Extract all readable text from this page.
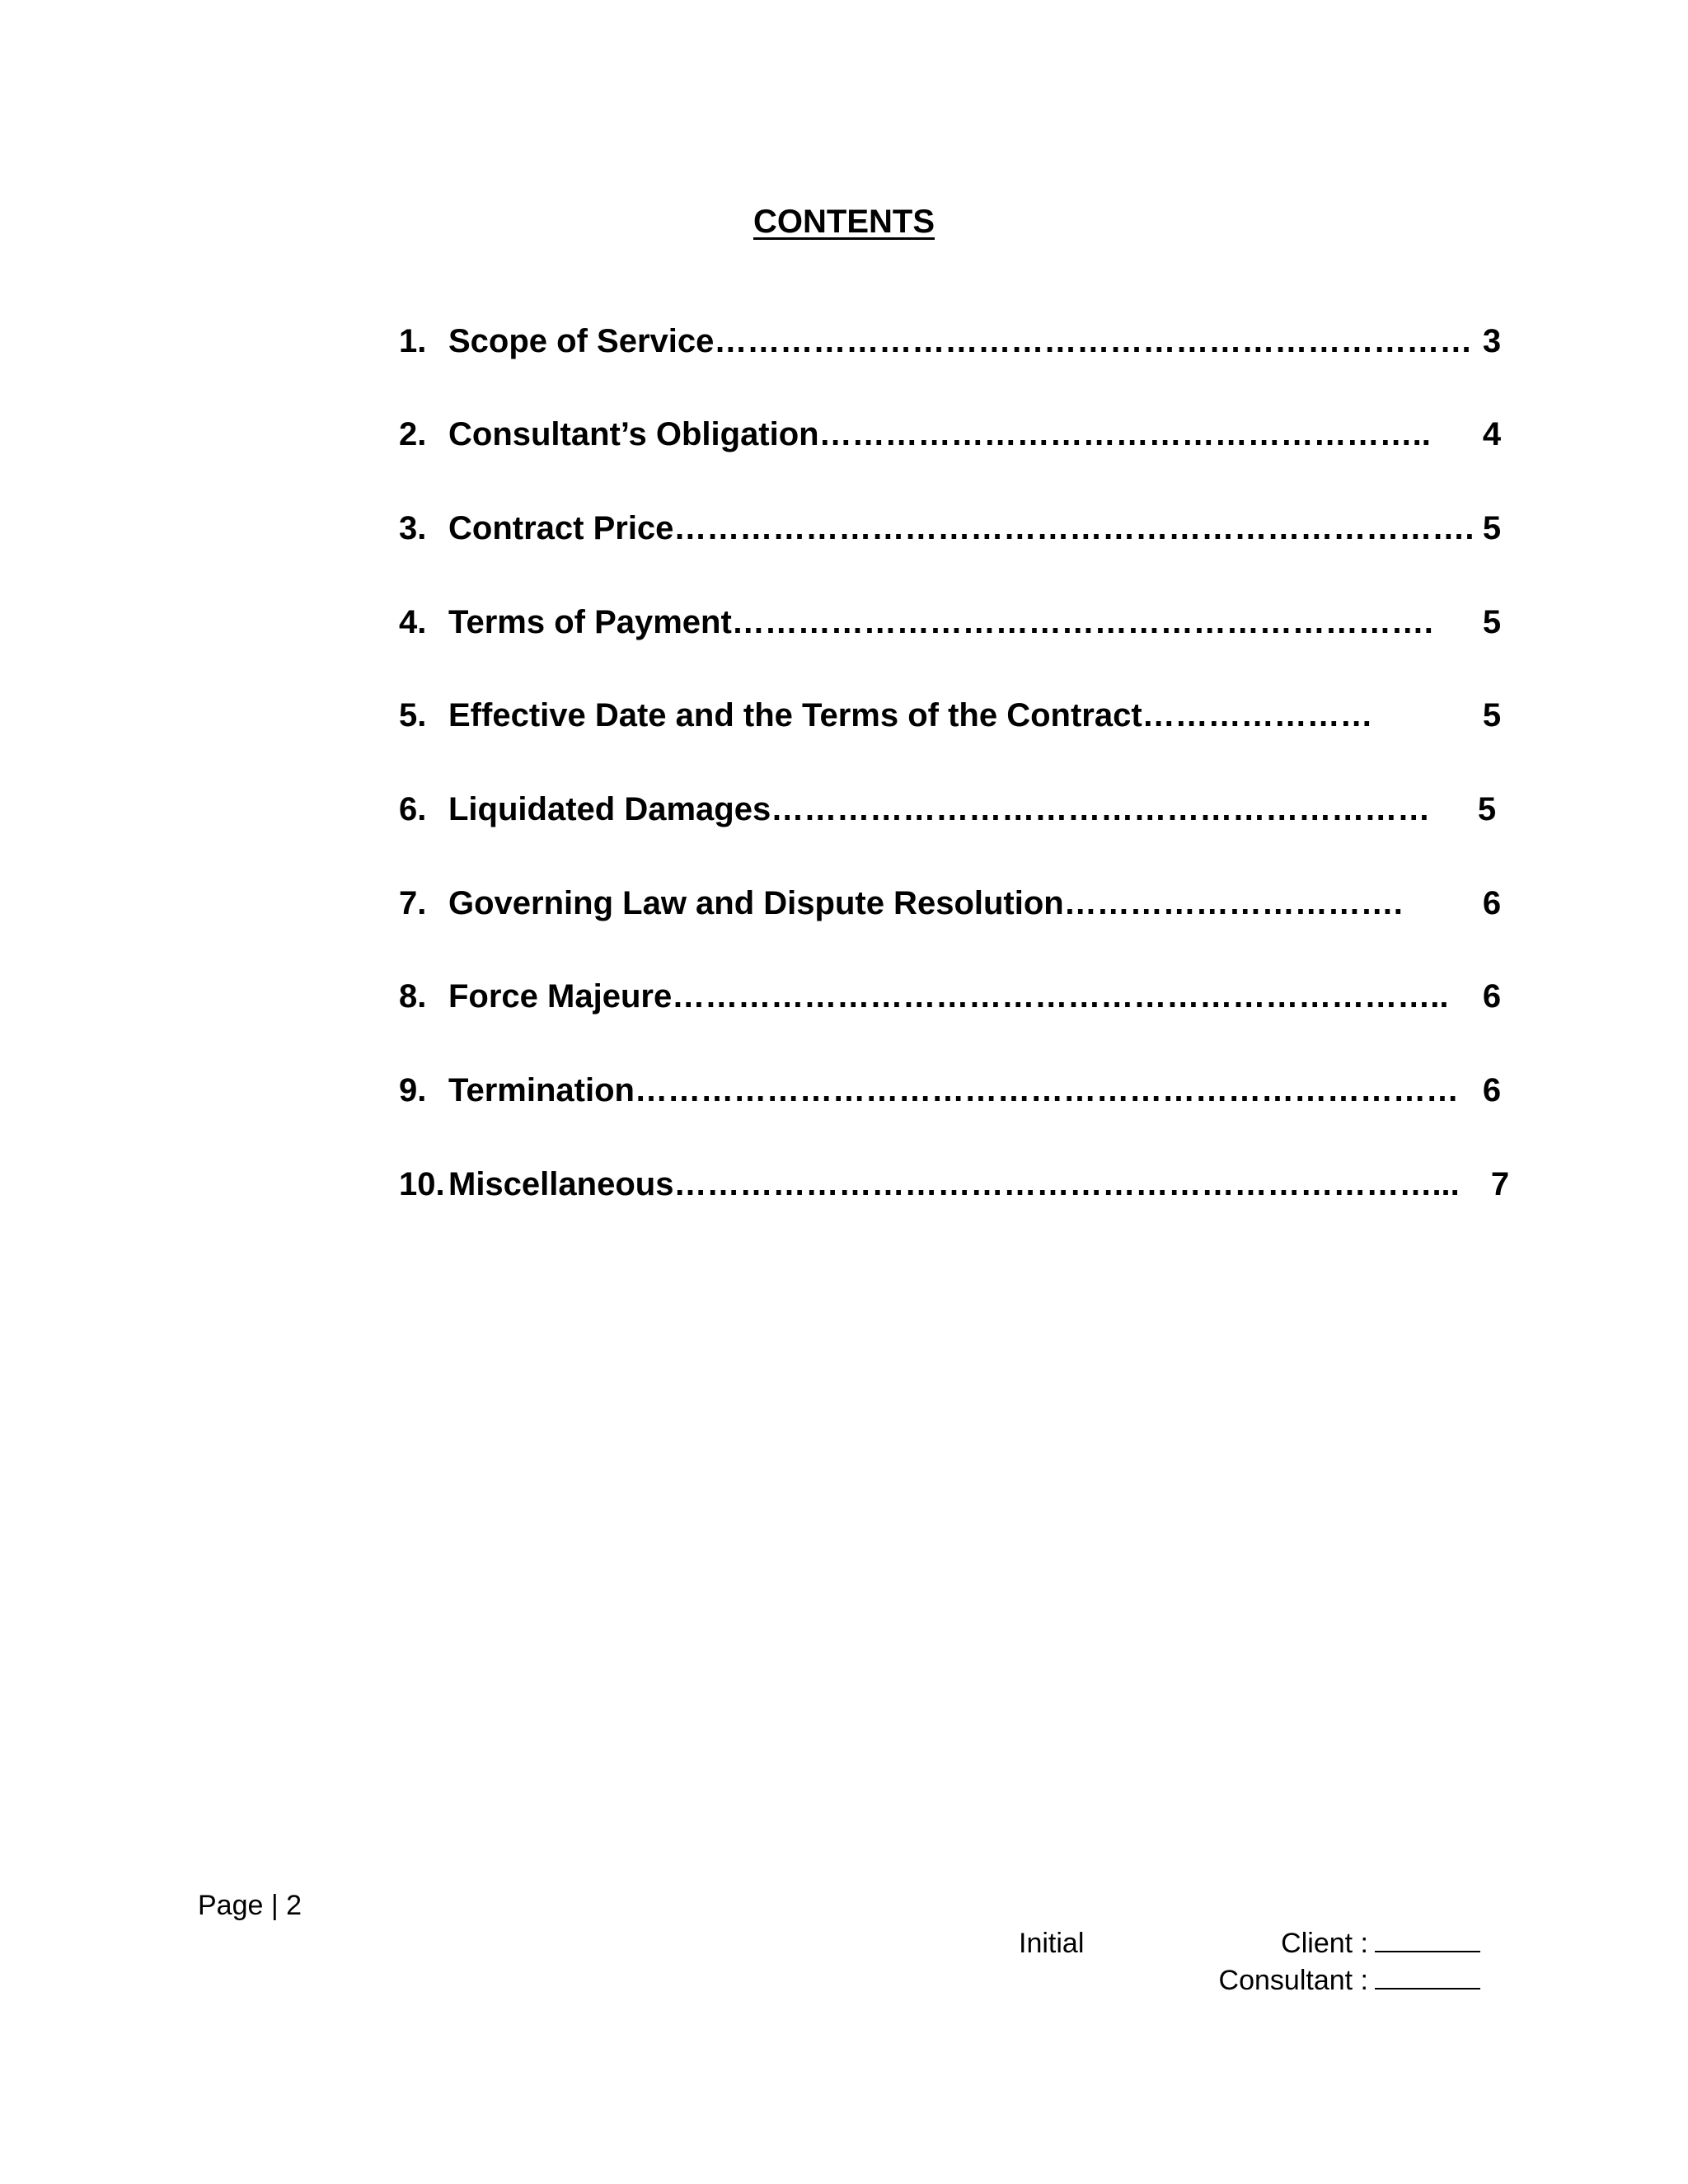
CONTENTS
1. Scope of Service…………………………………………………………… 3
2. Consultant’s Obligation……………………………………………….. 4
3. Contract Price………………………………………………………………. 5
4. Terms of Payment………………………………………………………. 5
5. Effective Date and the Terms of the Contract…………………	5
6. Liquidated Damages…………………………………………………… 5
7. Governing Law and Dispute Resolution…………………………. 6
8. Force Majeure…………………………………………………………….. 6
9. Termination………………………………………………………………… 6
10. Miscellaneous……………………………………………………………... 7
Page | 2
Initial	Client :
Consultant :
